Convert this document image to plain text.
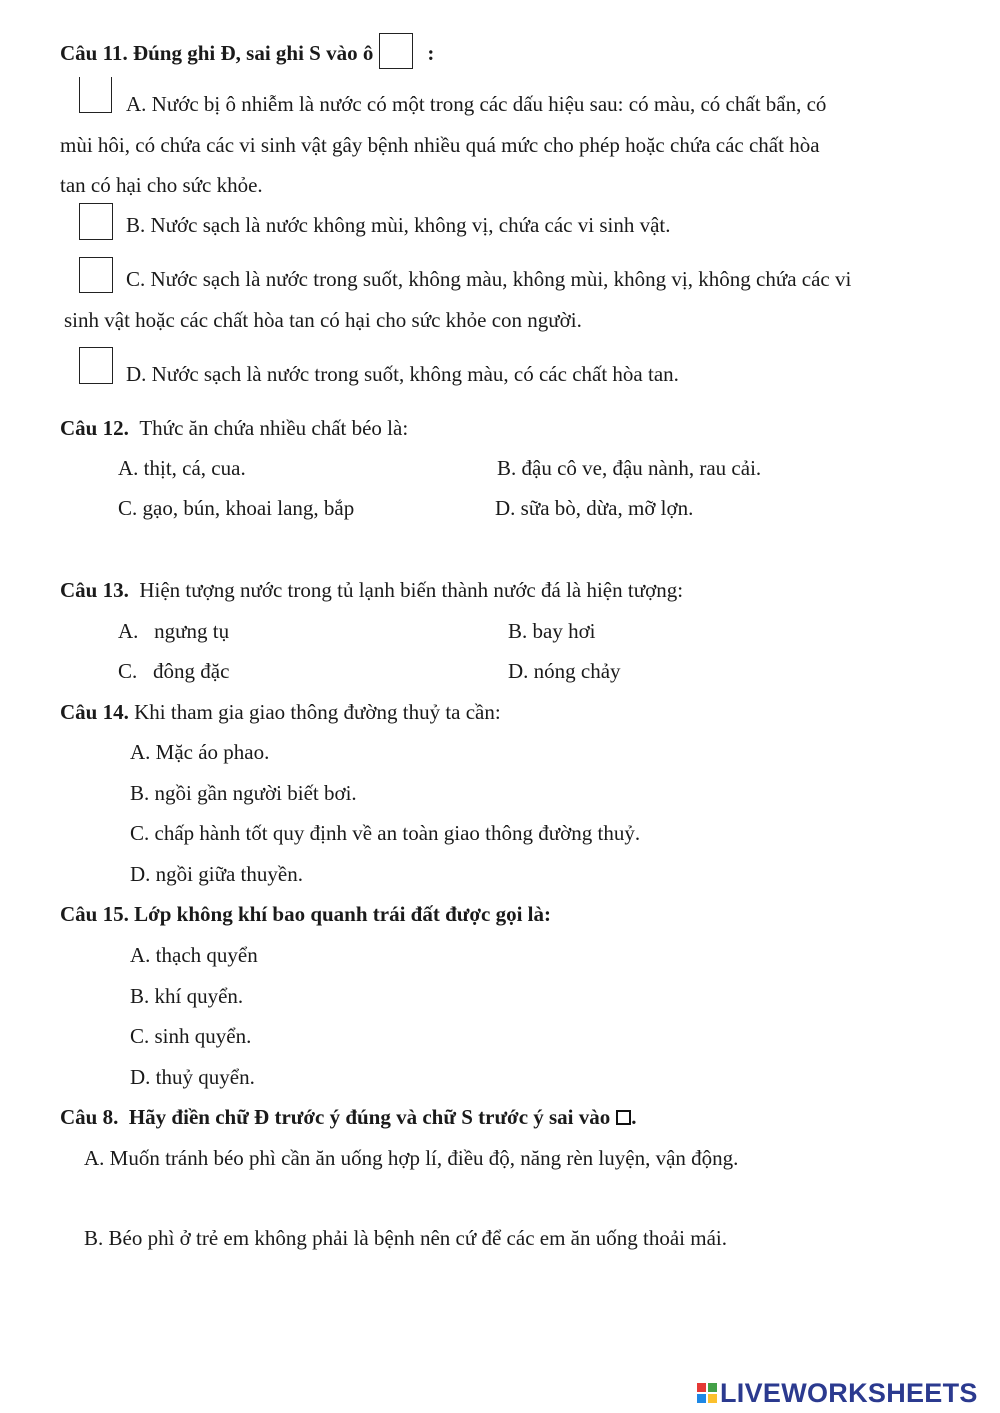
Câu 11. Đúng ghi Đ, sai ghi S vào ô	:
A. Nước bị ô nhiễm là nước có một trong các dấu hiệu sau: có màu, có chất bẩn, có
mùi hôi, có chứa các vi sinh vật gây bệnh nhiều quá mức cho phép hoặc chứa các chất hòa
tan có hại cho sức khỏe.
B. Nước sạch là nước không mùi, không vị, chứa các vi sinh vật.
C. Nước sạch là nước trong suốt, không màu, không mùi, không vị, không chứa các vi
sinh vật hoặc các chất hòa tan có hại cho sức khỏe con người.
D. Nước sạch là nước trong suốt, không màu, có các chất hòa tan.
Câu 12. Thức ăn chứa nhiều chất béo là:
A. thịt, cá, cua.	B. đậu cô ve, đậu nành, rau cải.
C. gạo, bún, khoai lang, bắp	D. sữa bò, dừa, mỡ lợn.
Câu 13. Hiện tượng nước trong tủ lạnh biến thành nước đá là hiện tượng:
A.   ngưng tụ	B. bay hơi
C.   đông đặc	D. nóng chảy
Câu 14. Khi tham gia giao thông đường thuỷ ta cần:
A. Mặc áo phao.
B. ngồi gần người biết bơi.
C. chấp hành tốt quy định về an toàn giao thông đường thuỷ.
D. ngồi giữa thuyền.
Câu 15. Lớp không khí bao quanh trái đất được gọi là:
A. thạch quyển
B. khí quyển.
C. sinh quyển.
D. thuỷ quyển.
Câu 8.  Hãy điền chữ Đ trước ý đúng và chữ S trước ý sai vào .
A. Muốn tránh béo phì cần ăn uống hợp lí, điều độ, năng rèn luyện, vận động.
B. Béo phì ở trẻ em không phải là bệnh nên cứ để các em ăn uống thoải mái.
LIVEWORKSHEETS
